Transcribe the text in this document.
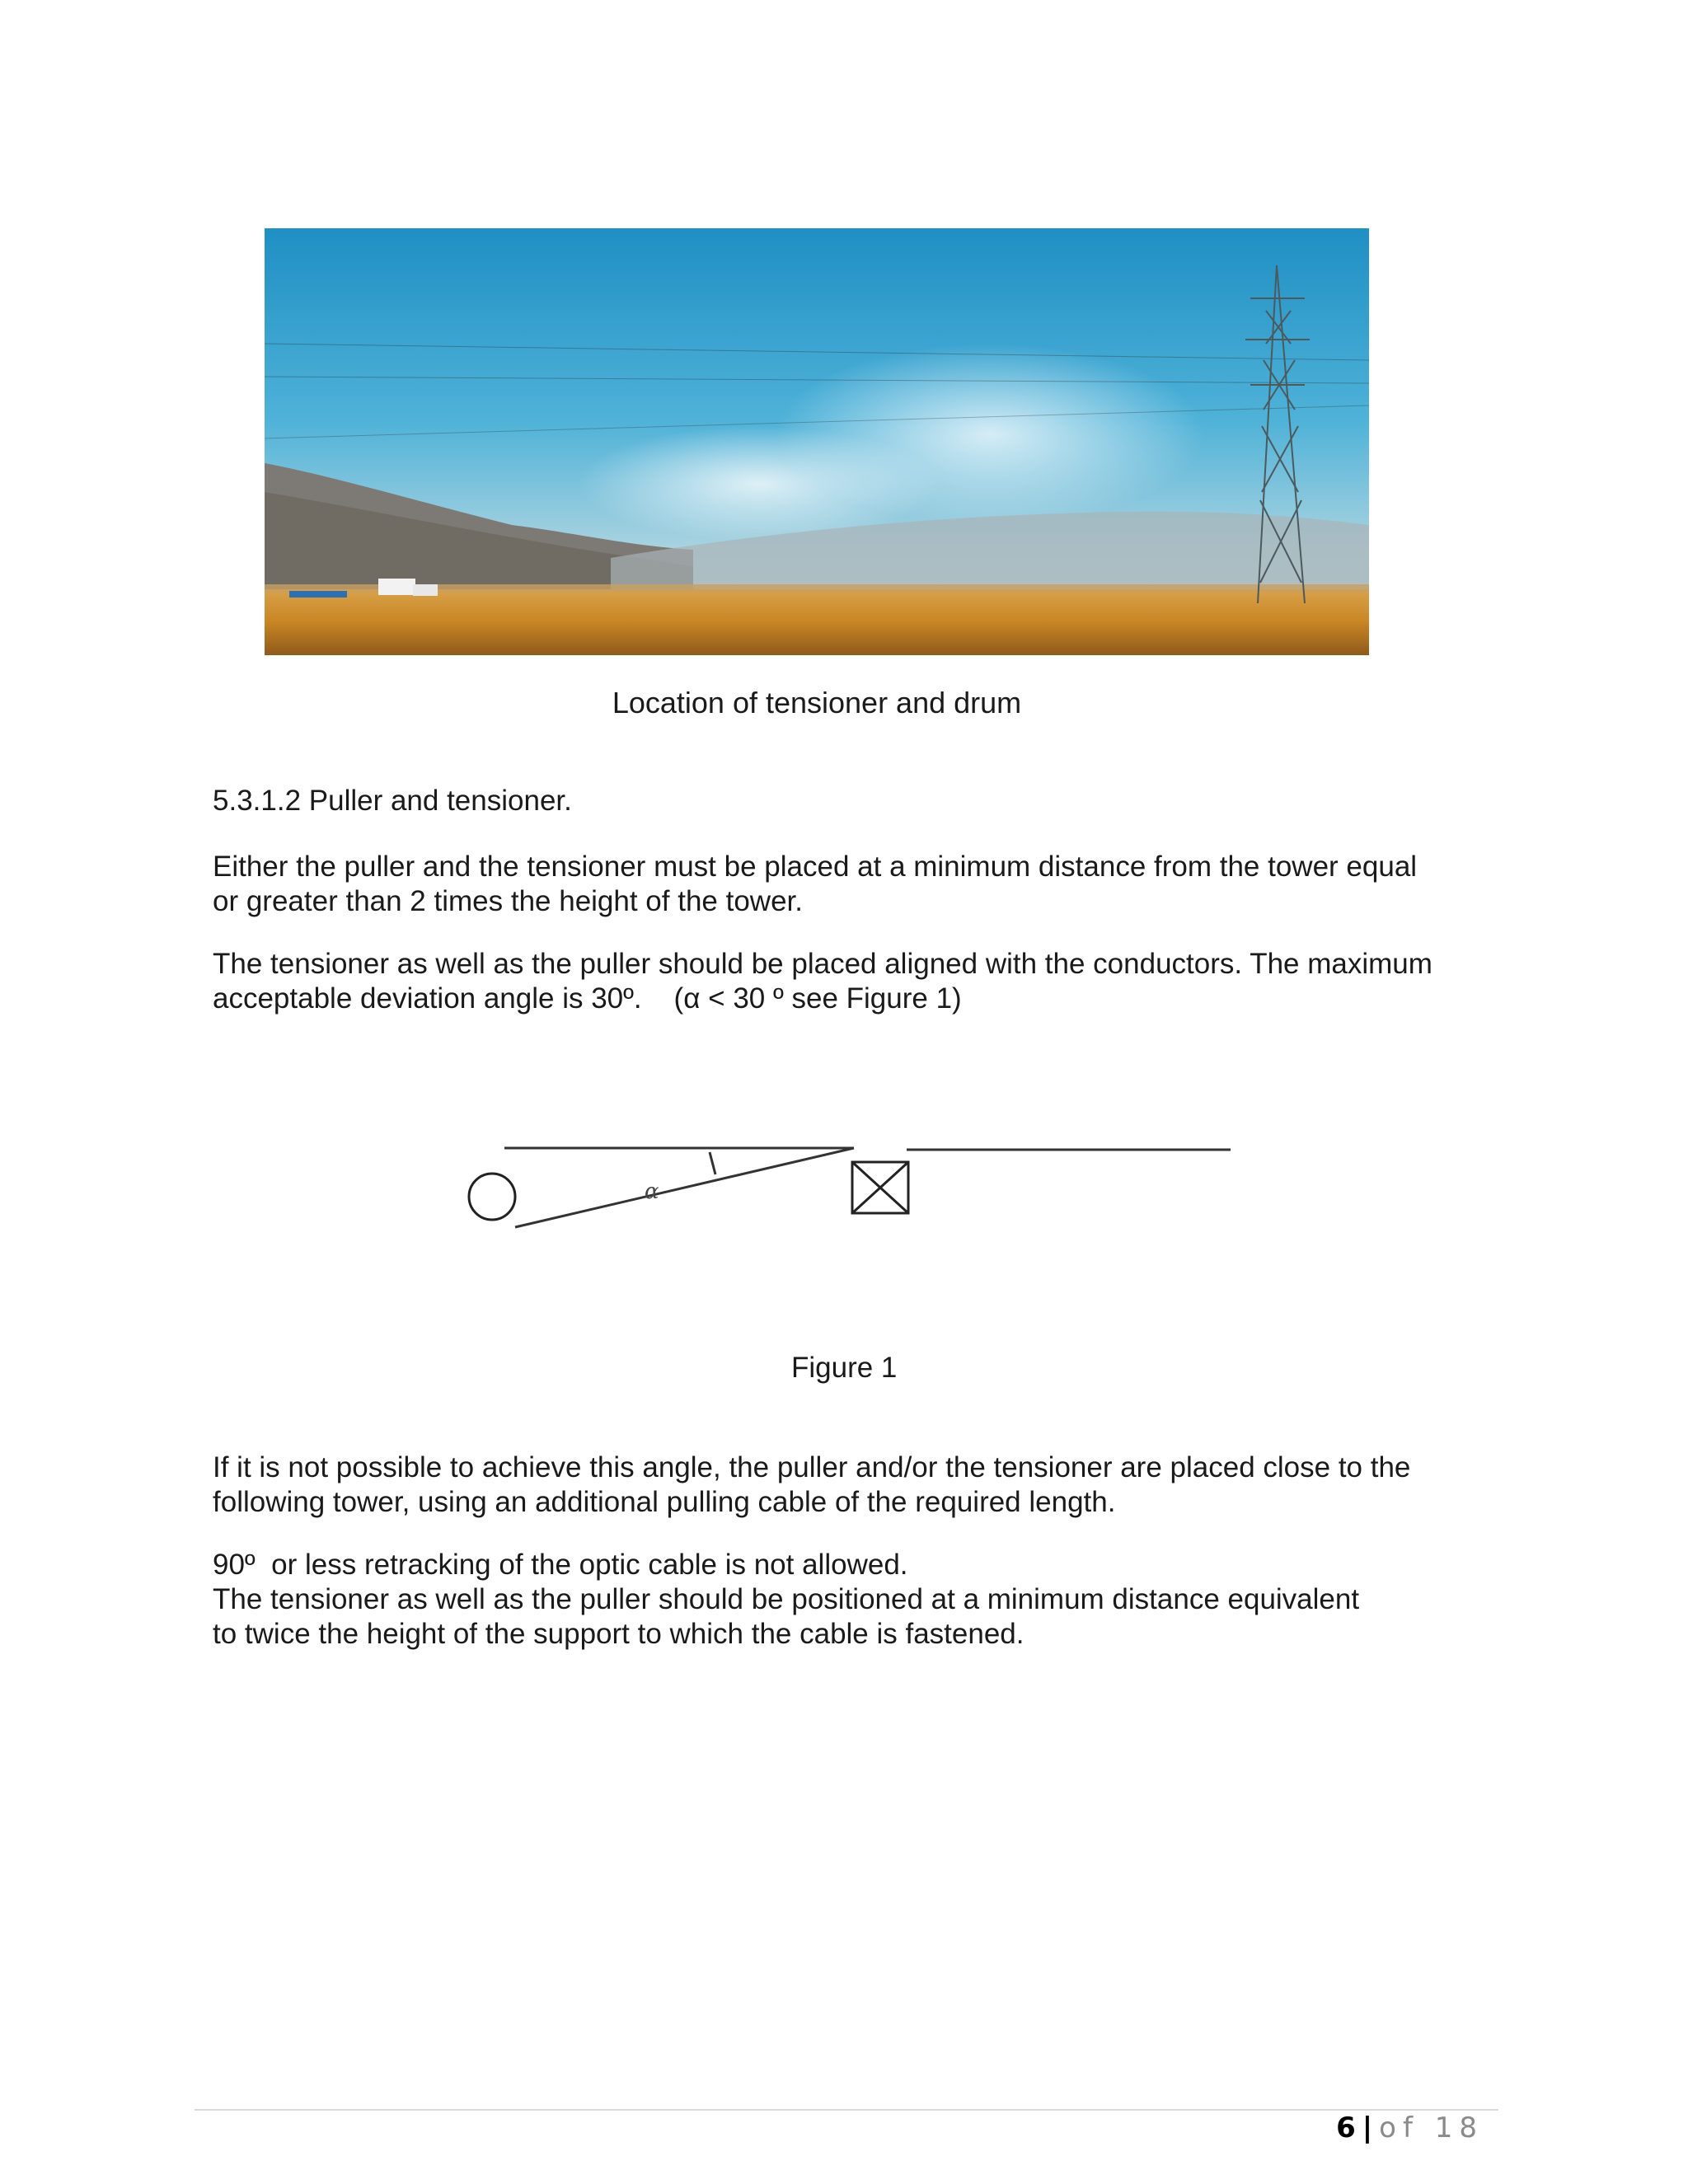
Location of tensioner and drum
5.3.1.2 Puller and tensioner.

Either the puller and the tensioner must be placed at a minimum distance from the tower equal
or greater than 2 times the height of the tower.

The tensioner as well as the puller should be placed aligned with the conductors. The maximum
acceptable deviation angle is 30º.    (α < 30 º see Figure 1)

α
Figure 1

If it is not possible to achieve this angle, the puller and/or the tensioner are placed close to the
following tower, using an additional pulling cable of the required length.

90º  or less retracking of the optic cable is not allowed.
The tensioner as well as the puller should be positioned at a minimum distance equivalent
to twice the height of the support to which the cable is fastened.

6 | of 18
